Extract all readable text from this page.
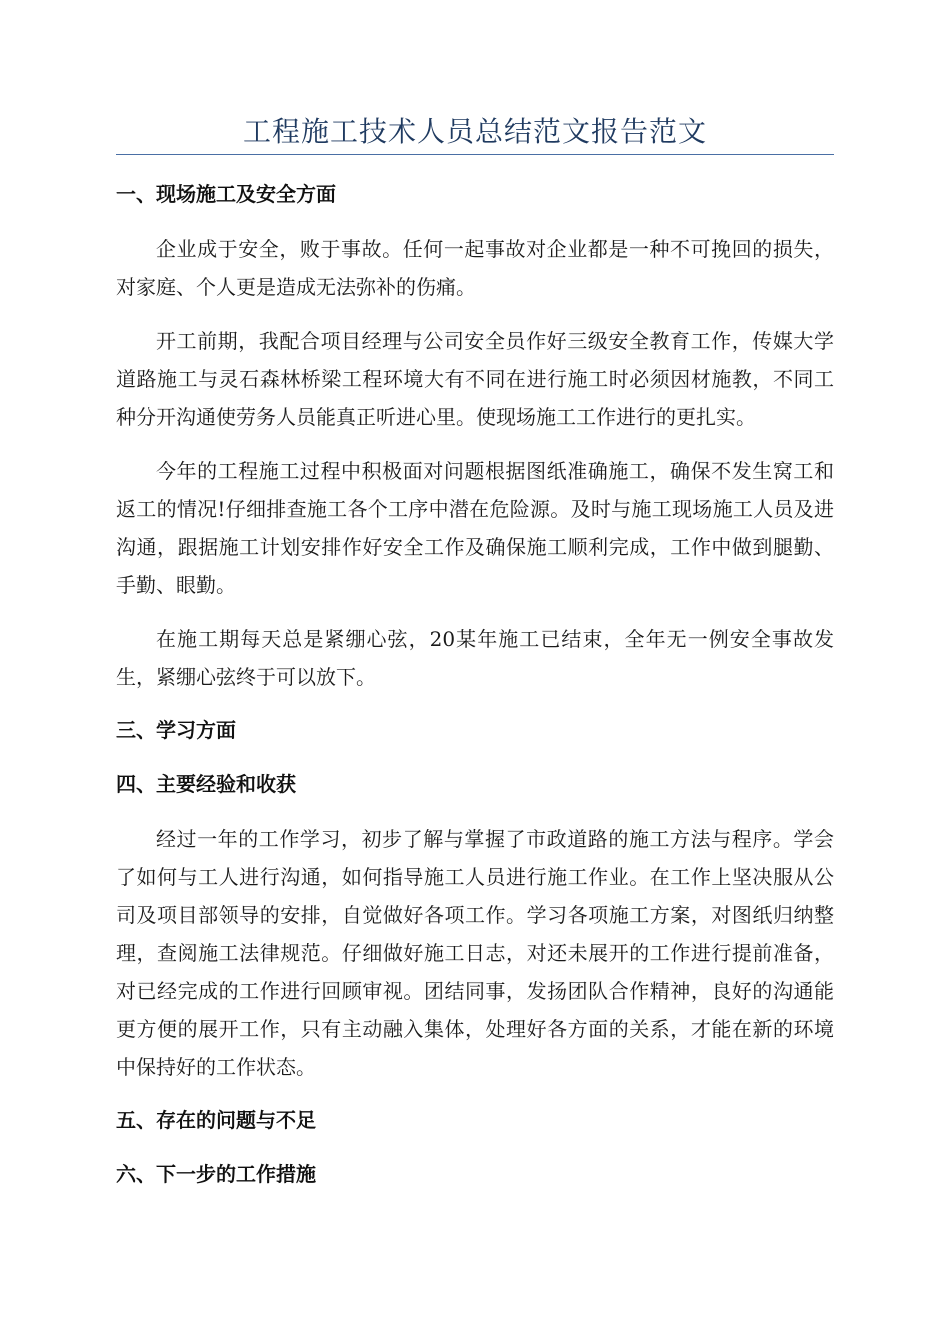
工程施工技术人员总结范文报告范文
一、现场施工及安全方面

企业成于安全，败于事故。任何一起事故对企业都是一种不可挽回的损失，对家庭、个人更是造成无法弥补的伤痛。

开工前期，我配合项目经理与公司安全员作好三级安全教育工作，传媒大学道路施工与灵石森林桥梁工程环境大有不同在进行施工时必须因材施教，不同工种分开沟通使劳务人员能真正听进心里。使现场施工工作进行的更扎实。

今年的工程施工过程中积极面对问题根据图纸准确施工，确保不发生窝工和返工的情况!仔细排查施工各个工序中潜在危险源。及时与施工现场施工人员及进沟通，跟据施工计划安排作好安全工作及确保施工顺利完成，工作中做到腿勤、手勤、眼勤。

在施工期每天总是紧绷心弦，20某年施工已结束，全年无一例安全事故发生，紧绷心弦终于可以放下。

三、学习方面
四、主要经验和收获

经过一年的工作学习，初步了解与掌握了市政道路的施工方法与程序。学会了如何与工人进行沟通，如何指导施工人员进行施工作业。在工作上坚决服从公司及项目部领导的安排，自觉做好各项工作。学习各项施工方案，对图纸归纳整理，查阅施工法律规范。仔细做好施工日志，对还未展开的工作进行提前准备，对已经完成的工作进行回顾审视。团结同事，发扬团队合作精神，良好的沟通能更方便的展开工作，只有主动融入集体，处理好各方面的关系，才能在新的环境中保持好的工作状态。

五、存在的问题与不足
六、下一步的工作措施
